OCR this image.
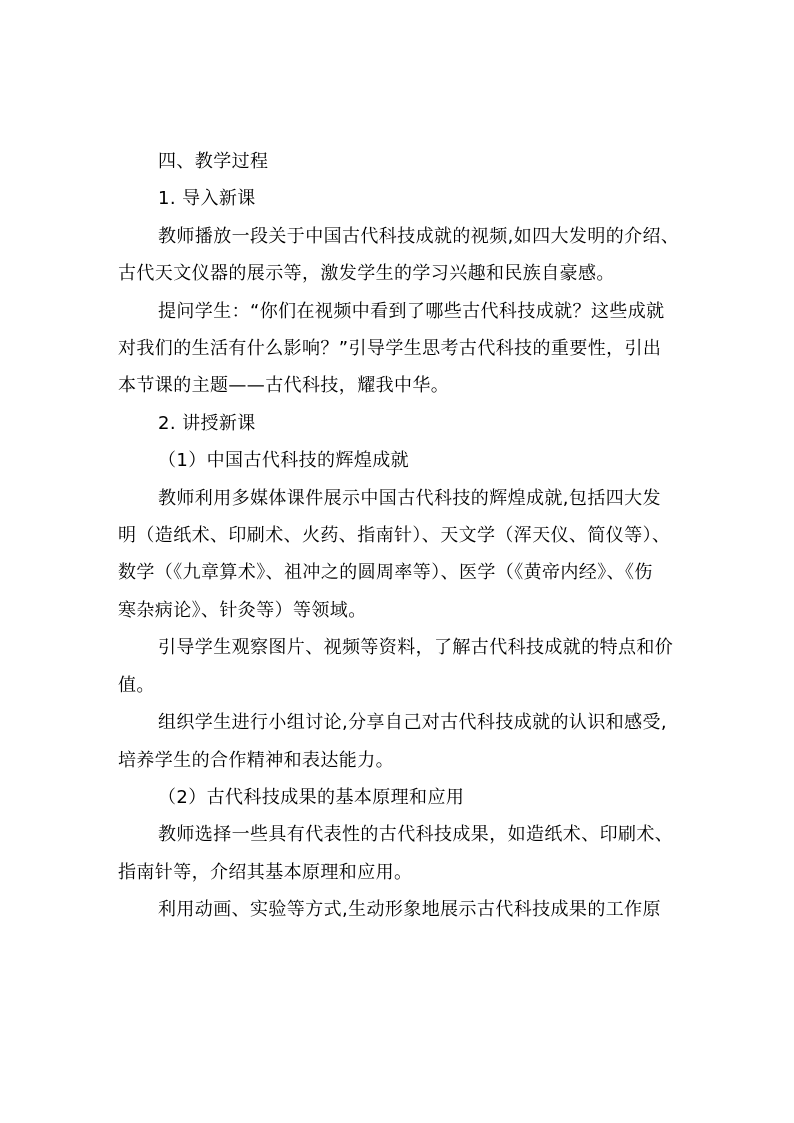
四、教学过程

1. 导入新课

教师播放一段关于中国古代科技成就的视频,如四大发明的介绍、

古代天文仪器的展示等，激发学生的学习兴趣和民族自豪感。

提问学生：“你们在视频中看到了哪些古代科技成就？这些成就

对我们的生活有什么影响？”引导学生思考古代科技的重要性，引出

本节课的主题——古代科技，耀我中华。

2. 讲授新课

（1）中国古代科技的辉煌成就

教师利用多媒体课件展示中国古代科技的辉煌成就,包括四大发

明（造纸术、印刷术、火药、指南针）、天文学（浑天仪、简仪等）、

数学（《九章算术》、祖冲之的圆周率等）、医学（《黄帝内经》、《伤

寒杂病论》、针灸等）等领域。

引导学生观察图片、视频等资料，了解古代科技成就的特点和价

值。

组织学生进行小组讨论,分享自己对古代科技成就的认识和感受,

培养学生的合作精神和表达能力。

（2）古代科技成果的基本原理和应用

教师选择一些具有代表性的古代科技成果，如造纸术、印刷术、

指南针等，介绍其基本原理和应用。

利用动画、实验等方式,生动形象地展示古代科技成果的工作原
